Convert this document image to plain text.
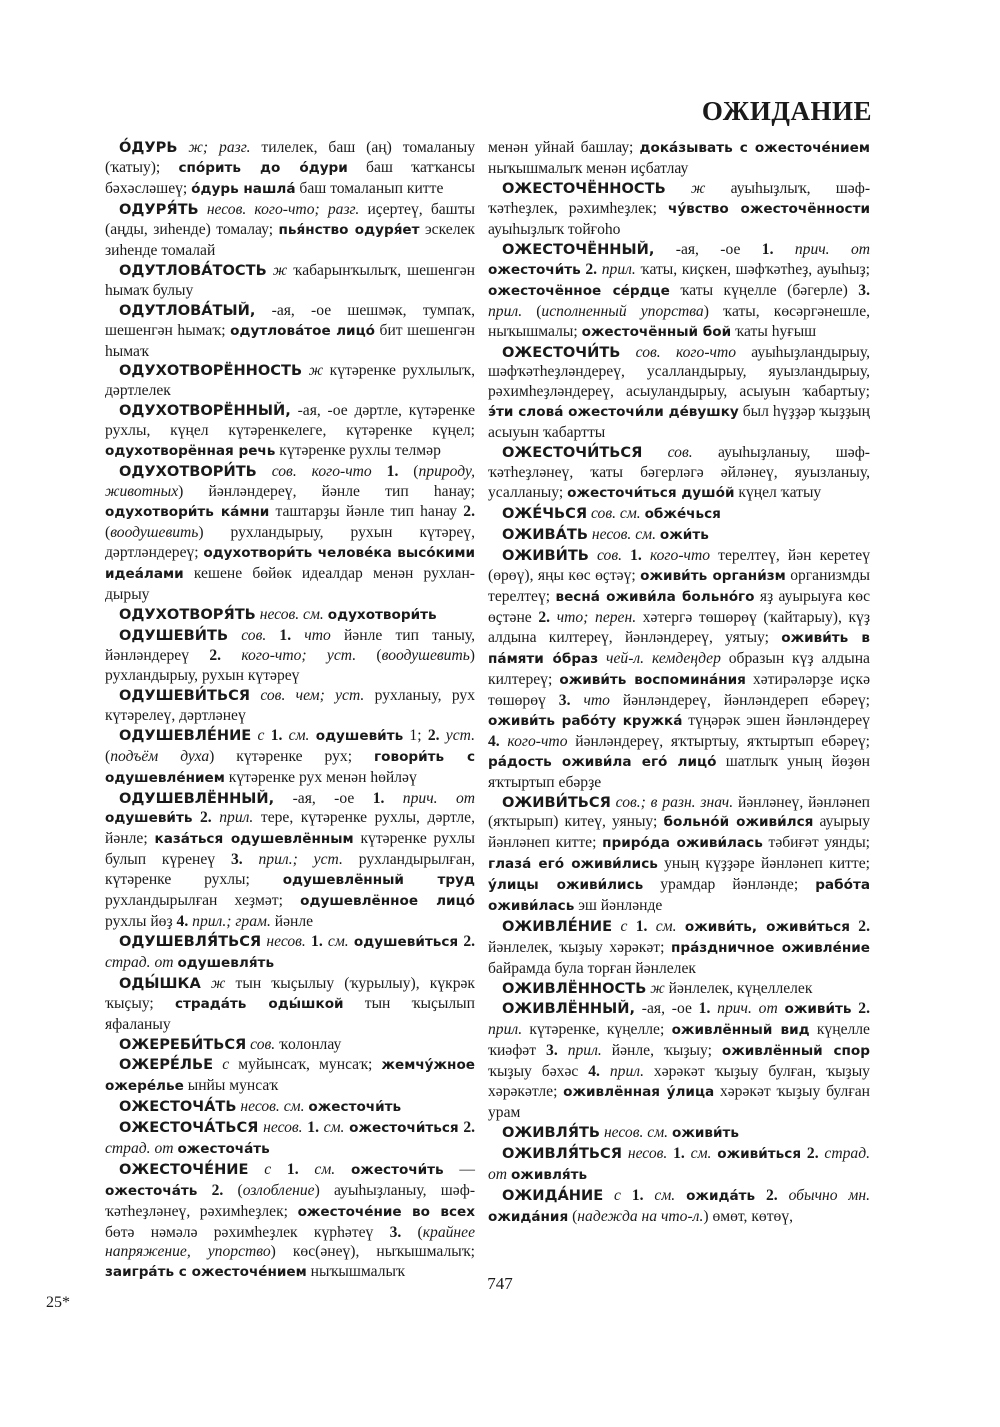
ОЖИДАНИЕ

О́ДУРЬ ж; разг. тилелек, баш (аң) томаланыу (ҡатыу); спо́рить до о́дури баш ҡатҡансы бәхәсләшеү; о́дурь нашла́ баш томаланып китте

ОДУРЯ́ТЬ несов. кого-что; разг. иҫертеү, башты (аңды, зиһенде) томалау; пья́нство одуря́ет эскелек зиһенде томалай

ОДУТЛОВА́ТОСТЬ ж ҡабарынҡылыҡ, шешенгән һымаҡ булыу

ОДУТЛОВА́ТЫЙ, -ая, -ое шешмәк, тумпаҡ, шешенгән һымаҡ; одутлова́тое лицо́ бит шешенгән һымаҡ

ОДУХОТВОРЁННОСТЬ ж күтәренке рухлылыҡ, дәртлелек

ОДУХОТВОРЁННЫЙ, -ая, -ое дәртле, күтәренке рухлы, күңел күтәренкелеге, күтәренке күңел; одухотворённая речь күтәренке рухлы телмәр

ОДУХОТВОРИ́ТЬ сов. кого-что 1. (природу, животных) йәнләндереү, йәнле тип һанау; одухотвори́ть ка́мни таштарҙы йәнле тип һанау 2. (воодушевить) рухландырыу, рухын күтәреү, дәртләндереү; одухотвори́ть челове́ка высо́кими идеа́лами кешене бөйөк идеалдар менән рухландырыу

ОДУХОТВОРЯ́ТЬ несов. см. одухотвори́ть

ОДУШЕВИ́ТЬ сов. 1. что йәнле тип таныу, йәнләндереү 2. кого-что; уст. (воодушевить) рухландырыу, рухын күтәреү

ОДУШЕВИ́ТЬСЯ сов. чем; уст. рухланыу, рух күтәрелеү, дәртләнеү

ОДУШЕВЛЕ́НИЕ с 1. см. одушеви́ть 1; 2. уст. (подъём духа) күтәренке рух; говори́ть с одушевле́нием күтәренке рух менән һөйләү

ОДУШЕВЛЁННЫЙ, -ая, -ое 1. прич. от одушеви́ть 2. прил. тере, күтәренке рухлы, дәртле, йәнле; каза́ться одушевлённым күтәренке рухлы булып күренеү 3. прил.; уст. рухландырылған, күтәренке рухлы; одушевлённый труд рухландырылған хеҙмәт; одушевлённое лицо́ рухлы йөҙ 4. прил.; грам. йәнле

ОДУШЕВЛЯ́ТЬСЯ несов. 1. см. одушеви́ться 2. страд. от одушевля́ть

ОДЫ́ШКА ж тын ҡыҫылыу (ҡурылыу), күкрәк ҡыҫыу; страда́ть оды́шкой тын ҡыҫылып яфаланыу

ОЖЕРЕБИ́ТЬСЯ сов. ҡолонлау

ОЖЕРЕ́ЛЬЕ с муйынсаҡ, мунсаҡ; жемчу́жное ожере́лье ынйы мунсаҡ

ОЖЕСТОЧА́ТЬ несов. см. ожесточи́ть

ОЖЕСТОЧА́ТЬСЯ несов. 1. см. ожесточи́ться 2. страд. от ожесточа́ть

ОЖЕСТОЧЕ́НИЕ с 1. см. ожесточи́ть — ожесточа́ть 2. (озлобление) ауыһыҙланыу, шәфҡәтһеҙләнеү, рәхимһеҙлек; ожесточе́ние во всех бөтә нәмәлә рәхимһеҙлек күрһәтеү 3. (крайнее напряжение, упорство) көс(әнеү), ныҡышмалыҡ; заигра́ть с ожесточе́нием ныҡышмалыҡ

менән уйнай башлау; дока́зывать с ожесточе́нием ныҡышмалыҡ менән иҫбатлау

ОЖЕСТОЧЁННОСТЬ ж ауыһыҙлыҡ, шәфҡәтһеҙлек, рәхимһеҙлек; чу́вство ожесточённости ауыһыҙлыҡ тойғоһо

ОЖЕСТОЧЁННЫЙ, -ая, -ое 1. прич. от ожесточи́ть 2. прил. ҡаты, киҫкен, шәфҡәтһеҙ, ауыһыҙ; ожесточённое се́рдце ҡаты күңелле (бәгерле) 3. прил. (исполненный упорства) ҡаты, көсәргәнешле, ныҡышмалы; ожесточённый бой ҡаты һуғыш

ОЖЕСТОЧИ́ТЬ сов. кого-что ауыһыҙландырыу, шәфҡәтһеҙләндереү, усалландырыу, яуызландырыу, рәхимһеҙләндереү, асыуландырыу, асыуын ҡабартыу; э́ти слова́ ожесточи́ли де́вушку был һүҙҙәр ҡыҙҙың асыуын ҡабартты

ОЖЕСТОЧИ́ТЬСЯ сов. ауыһыҙланыу, шәфҡәтһеҙләнеү, ҡаты бәгерләгә әйләнеү, яуызланыу, усалланыу; ожесточи́ться душо́й күңел ҡатыу

ОЖЕ́ЧЬСЯ сов. см. обже́чься

ОЖИВА́ТЬ несов. см. ожи́ть

ОЖИВИ́ТЬ сов. 1. кого-что терелтеү, йән керетеү (өрөү), яңы көс өҫтәү; оживи́ть органи́зм организмды терелтеү; весна́ оживи́ла больно́го яҙ ауырыуға көс өҫтәне 2. что; перен. хәтергә төшөрөү (ҡайтарыу), күҙ алдына килтереү, йәнләндереү, уятыу; оживи́ть в па́мяти о́браз чей-л. кемдеңдер образын күҙ алдына килтереү; оживи́ть воспомина́ния хәтирәләрҙе иҫкә төшөрөү 3. что йәнләндереү, йәнләндереп ебәреү; оживи́ть рабо́ту кружка́ түңәрәк эшен йәнләндереү 4. кого-что йәнләндереү, яҡтыртыу, яҡтыртып ебәреү; ра́дость оживи́ла его́ лицо́ шатлыҡ уның йөҙөн яҡтыртып ебәрҙе

ОЖИВИ́ТЬСЯ сов.; в разн. знач. йәнләнеү, йәнләнеп (яҡтырып) китеү, уяныу; больно́й оживи́лся ауырыу йәнләнеп китте; приро́да оживи́лась тәбиғәт уянды; глаза́ его́ оживи́лись уның күҙҙәре йәнләнеп китте; у́лицы оживи́лись урамдар йәнләнде; рабо́та оживи́лась эш йәнләнде

ОЖИВЛЕ́НИЕ с 1. см. оживи́ть, оживи́ться 2. йәнлелек, ҡыҙыу хәрәкәт; пра́здничное оживле́ние байрамда була торған йәнлелек

ОЖИВЛЁННОСТЬ ж йәнлелек, күңеллелек

ОЖИВЛЁННЫЙ, -ая, -ое 1. прич. от оживи́ть 2. прил. күтәренке, күңелле; оживлённый вид күңелле ҡиәфәт 3. прил. йәнле, ҡыҙыу; оживлённый спор ҡыҙыу бәхәс 4. прил. хәрәкәт ҡыҙыу булған, ҡыҙыу хәрәкәтле; оживлённая у́лица хәрәкәт ҡыҙыу булған урам

ОЖИВЛЯ́ТЬ несов. см. оживи́ть

ОЖИВЛЯ́ТЬСЯ несов. 1. см. оживи́ться 2. страд. от оживля́ть

ОЖИДА́НИЕ с 1. см. ожида́ть 2. обычно мн. ожида́ния (надежда на что-л.) өмөт, көтөү,

747
25*
